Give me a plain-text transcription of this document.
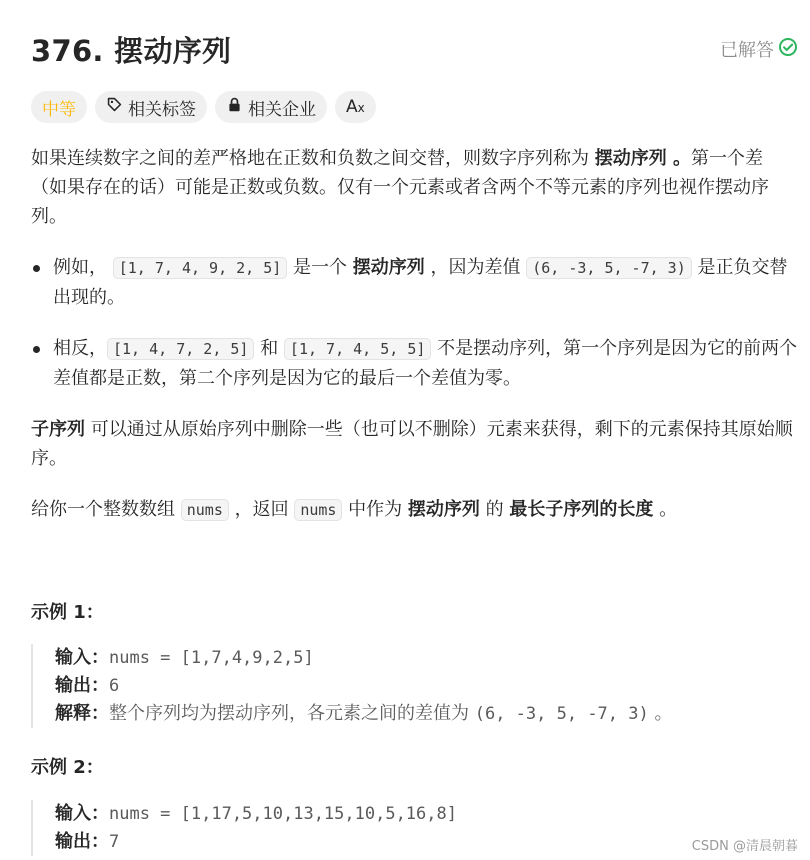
376. 摆动序列	已解答
中等	相关标签	相关企业 Ax

如果连续数字之间的差严格地在正数和负数之间交替，则数字序列称为 摆动序列 。第一个差（如果存在的话）可能是正数或负数。仅有一个元素或者含两个不等元素的序列也视作摆动序列。

例如， [1, 7, 4, 9, 2, 5] 是一个 摆动序列 ，因为差值 (6, -3, 5, -7, 3) 是正负交替出现的。
相反， [1, 4, 7, 2, 5] 和 [1, 7, 4, 5, 5] 不是摆动序列，第一个序列是因为它的前两个差值都是正数，第二个序列是因为它的最后一个差值为零。

子序列 可以通过从原始序列中删除一些（也可以不删除）元素来获得，剩下的元素保持其原始顺序。

给你一个整数数组 nums ，返回 nums 中作为 摆动序列 的 最长子序列的长度 。

示例 1：
输入：nums = [1,7,4,9,2,5]
输出：6
解释：整个序列均为摆动序列，各元素之间的差值为 (6, -3, 5, -7, 3) 。
示例 2：
输入：nums = [1,17,5,10,13,15,10,5,16,8]
输出：7	CSDN @清晨朝暮
